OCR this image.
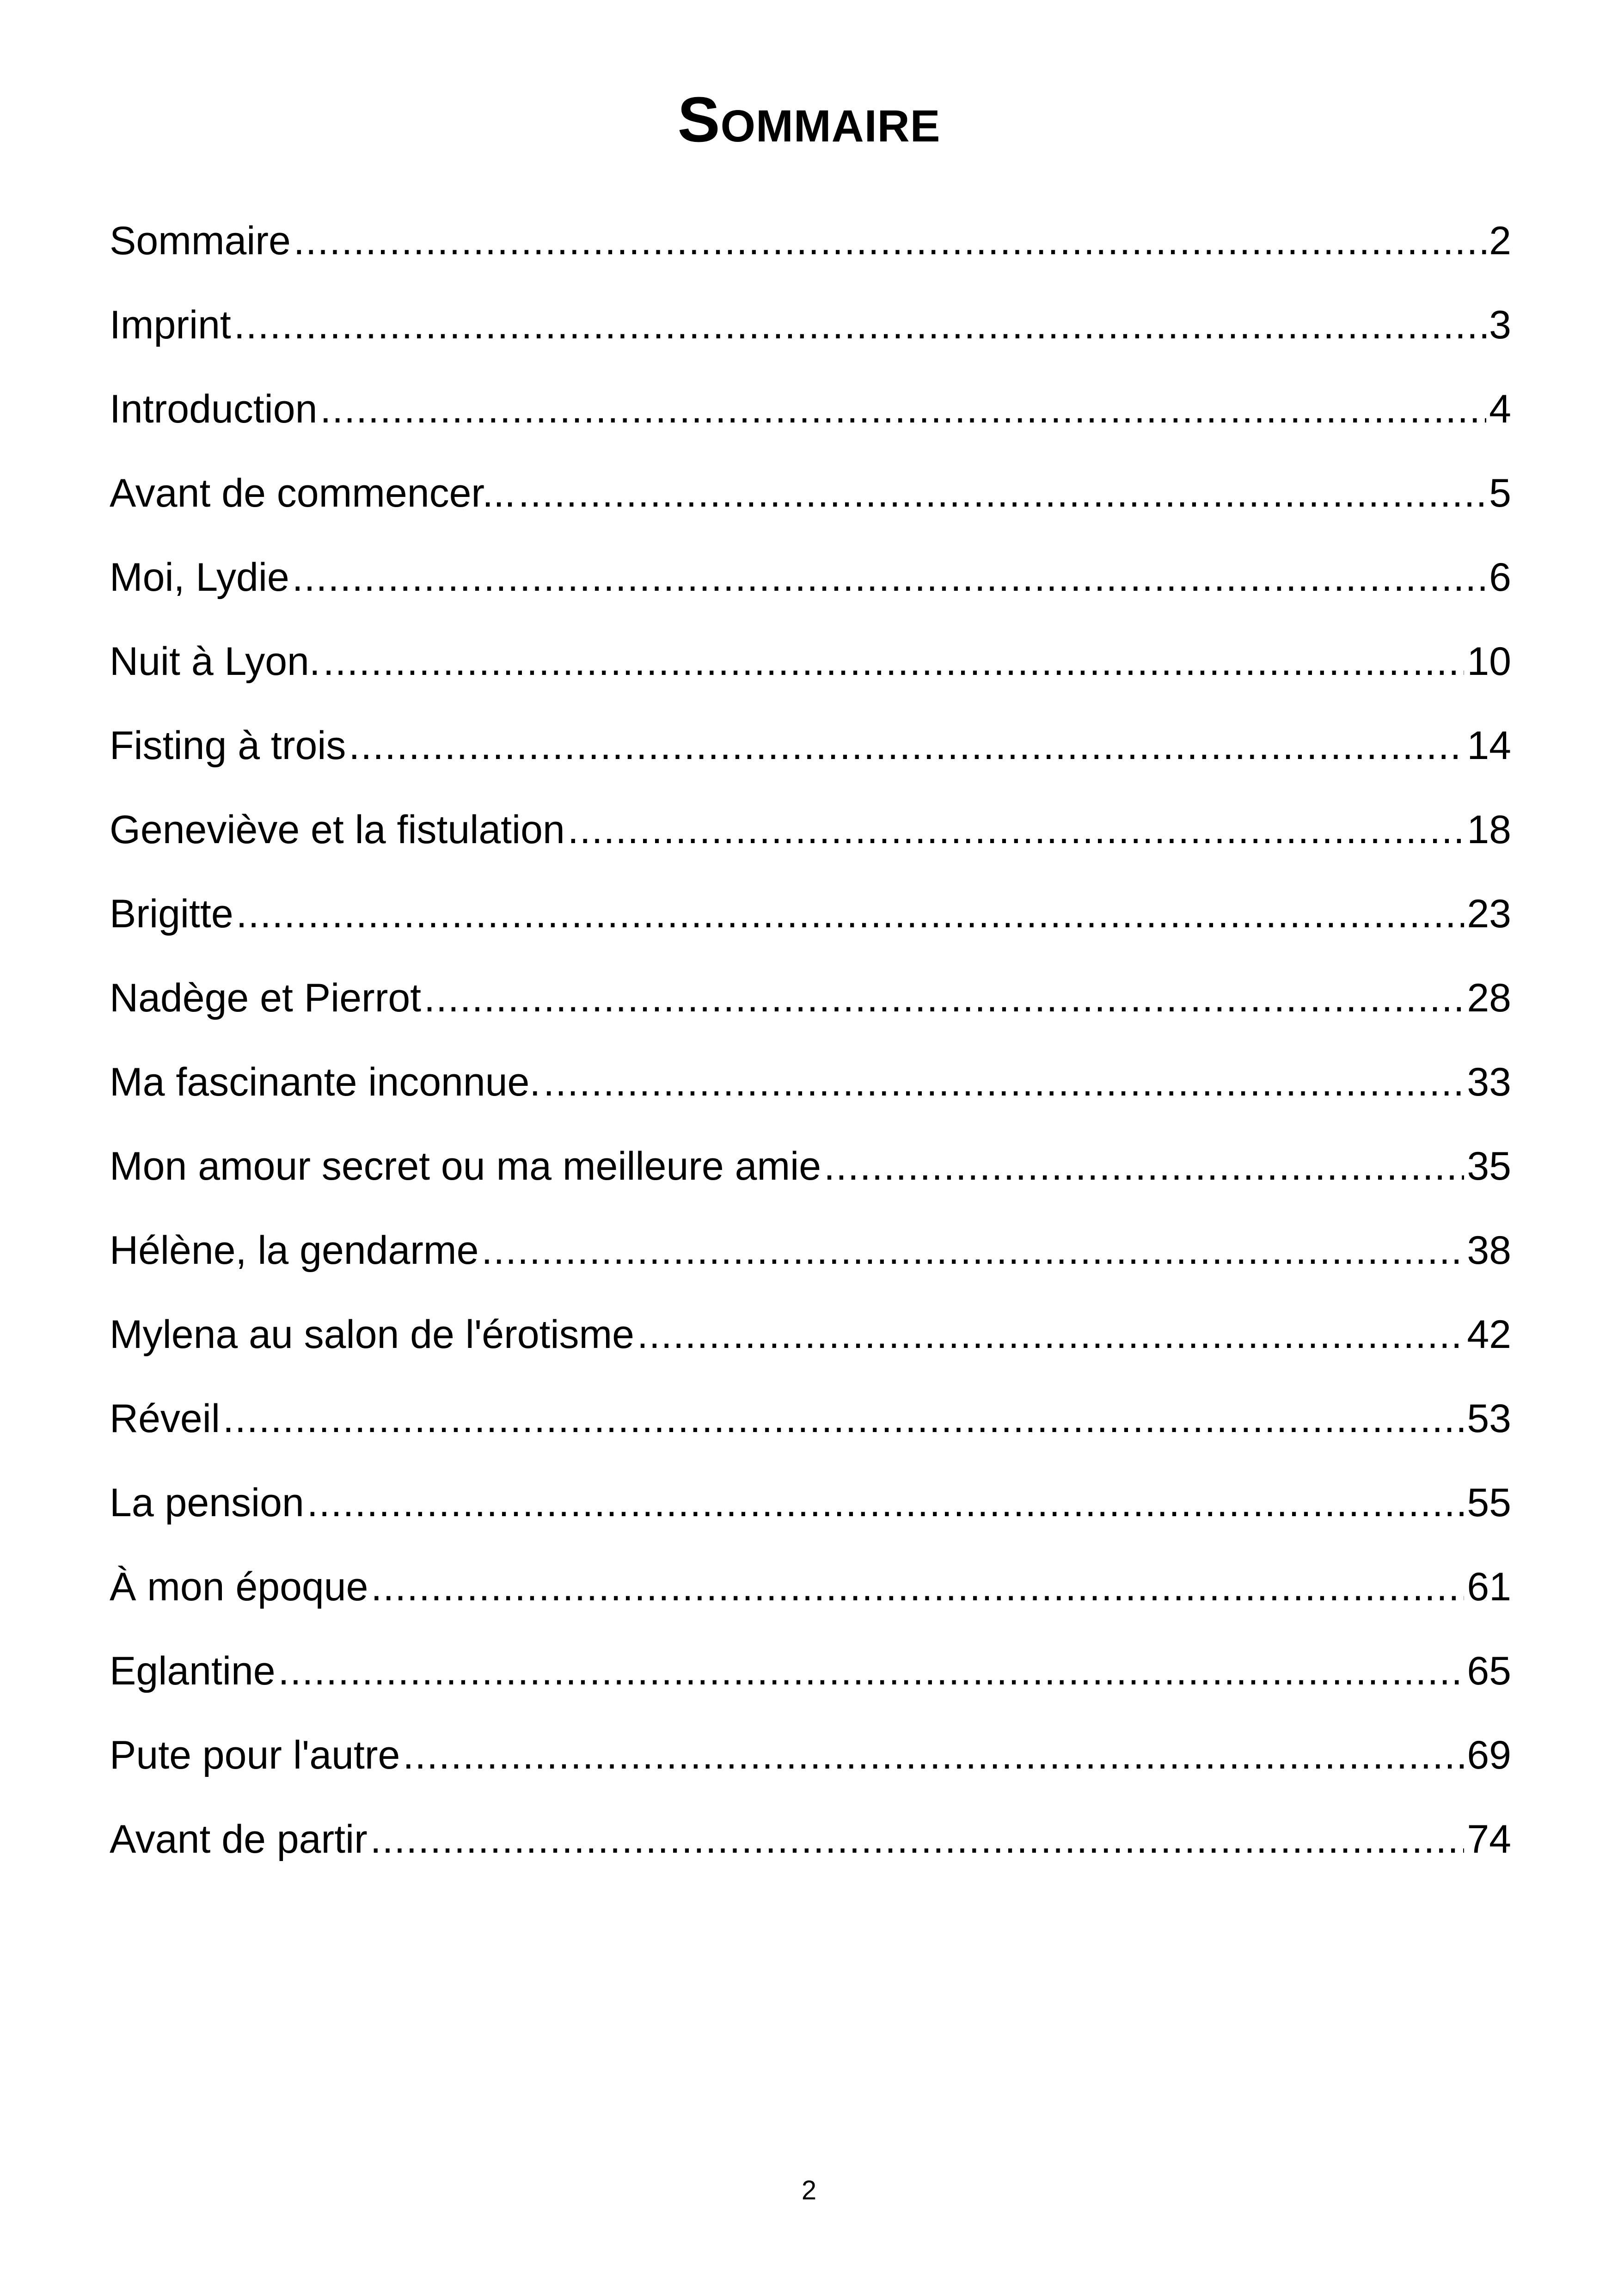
Sommaire
Sommaire .....	2
Imprint .....	3
Introduction .....	4
Avant de commencer... .....	5
Moi, Lydie .....	6
Nuit à Lyon. .....	10
Fisting à trois .....	14
Geneviève et la fistulation .....	18
Brigitte .....	23
Nadège et Pierrot .....	28
Ma fascinante inconnue. .....	33
Mon amour secret ou ma meilleure amie .....	35
Hélène, la gendarme .....	38
Mylena au salon de l'érotisme .....	42
Réveil .....	53
La pension .....	55
À mon époque .....	61
Eglantine .....	65
Pute pour l'autre .....	69
Avant de partir .....	74
2
